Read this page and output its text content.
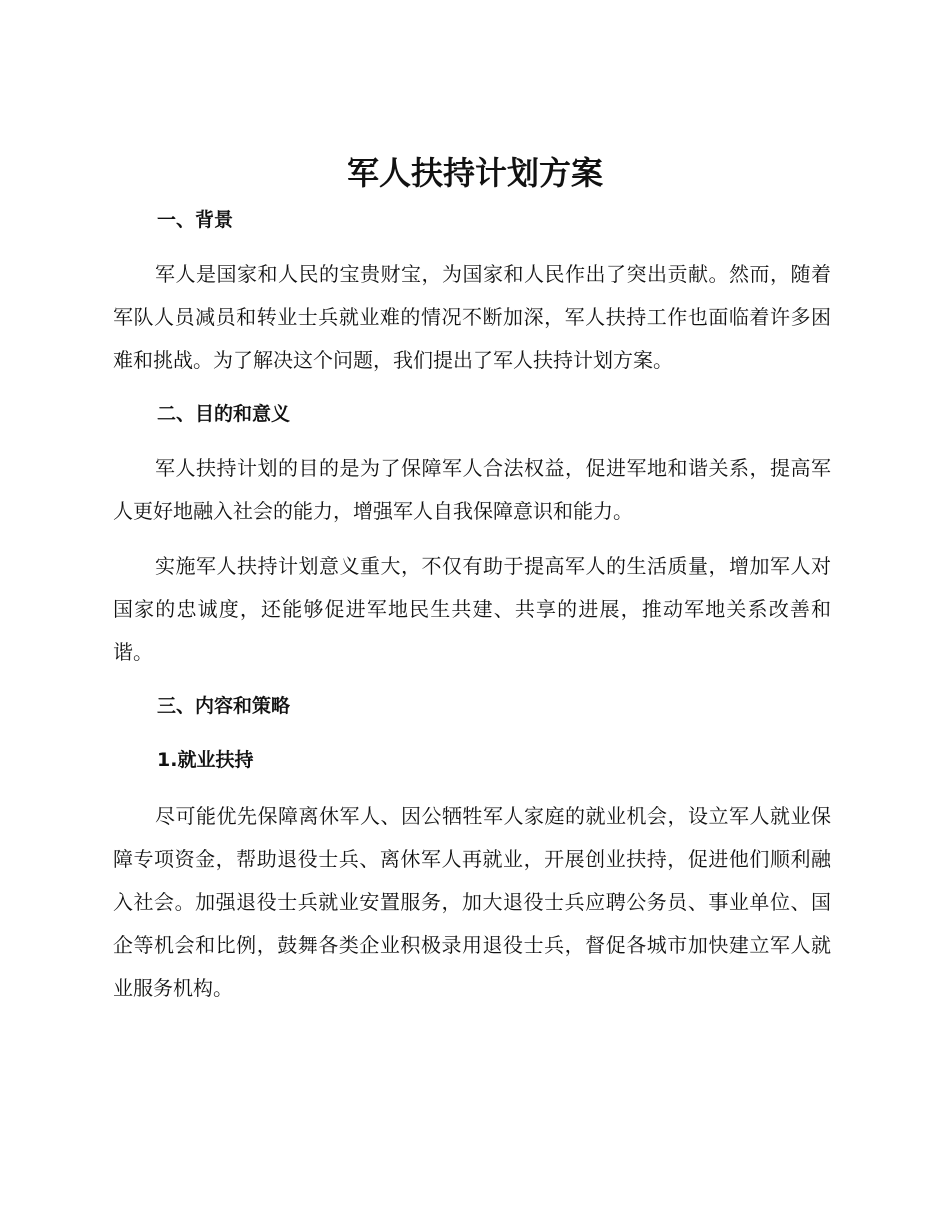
军人扶持计划方案
一、背景

军人是国家和人民的宝贵财宝，为国家和人民作出了突出贡献。然而，随着军队人员减员和转业士兵就业难的情况不断加深，军人扶持工作也面临着许多困难和挑战。为了解决这个问题，我们提出了军人扶持计划方案。

二、目的和意义

军人扶持计划的目的是为了保障军人合法权益，促进军地和谐关系，提高军人更好地融入社会的能力，增强军人自我保障意识和能力。

实施军人扶持计划意义重大，不仅有助于提高军人的生活质量，增加军人对国家的忠诚度，还能够促进军地民生共建、共享的进展，推动军地关系改善和谐。

三、内容和策略
1.就业扶持

尽可能优先保障离休军人、因公牺牲军人家庭的就业机会，设立军人就业保障专项资金，帮助退役士兵、离休军人再就业，开展创业扶持，促进他们顺利融入社会。加强退役士兵就业安置服务，加大退役士兵应聘公务员、事业单位、国企等机会和比例，鼓舞各类企业积极录用退役士兵，督促各城市加快建立军人就业服务机构。
